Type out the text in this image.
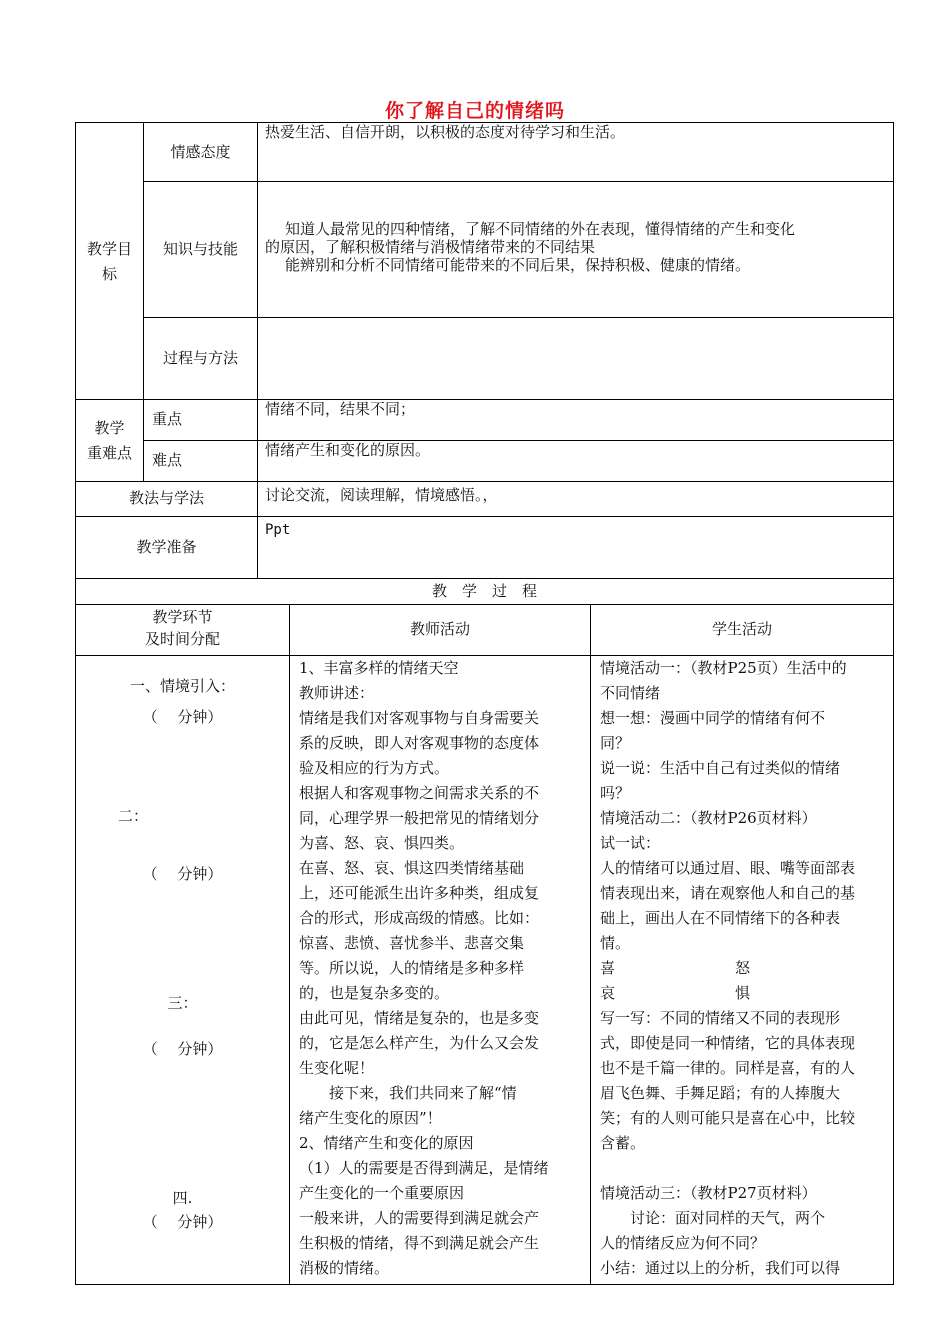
你了解自己的情绪吗
教学目
标
情感态度
热爱生活、自信开朗，以积极的态度对待学习和生活。
知识与技能
知道人最常见的四种情绪，了解不同情绪的外在表现，懂得情绪的产生和变化
的原因，了解积极情绪与消极情绪带来的不同结果
能辨别和分析不同情绪可能带来的不同后果，保持积极、健康的情绪。
过程与方法
教学
重难点
重点
情绪不同，结果不同；
难点
情绪产生和变化的原因。
教法与学法	讨论交流，阅读理解，情境感悟。，
教学准备
Ppt
教　学　过　程
教学环节
及时间分配
教师活动	学生活动
一、情境引入：
（　 分钟）
二：
（　 分钟）
三：
（　 分钟）
四.
（　 分钟）
1、丰富多样的情绪天空
教师讲述：
情绪是我们对客观事物与自身需要关
系的反映，即人对客观事物的态度体
验及相应的行为方式。
根据人和客观事物之间需求关系的不
同，心理学界一般把常见的情绪划分
为喜、怒、哀、惧四类。
在喜、怒、哀、惧这四类情绪基础
上，还可能派生出许多种类，组成复
合的形式，形成高级的情感。比如：
惊喜、悲愤、喜忧参半、悲喜交集
等。所以说，人的情绪是多种多样
的，也是复杂多变的。
由此可见，情绪是复杂的，也是多变
的，它是怎么样产生，为什么又会发
生变化呢！
　　接下来，我们共同来了解“情
绪产生变化的原因”！
2、情绪产生和变化的原因
（1）人的需要是否得到满足，是情绪
产生变化的一个重要原因
一般来讲，人的需要得到满足就会产
生积极的情绪，得不到满足就会产生
消极的情绪。
情境活动一：（教材P25页）生活中的
不同情绪
想一想：漫画中同学的情绪有何不
同？
说一说：生活中自己有过类似的情绪
吗？
情境活动二：（教材P26页材料）
试一试：
人的情绪可以通过眉、眼、嘴等面部表
情表现出来，请在观察他人和自己的基
础上，画出人在不同情绪下的各种表
情。
喜　　　　　　　　怒
哀　　　　　　　　惧
写一写：不同的情绪又不同的表现形
式，即使是同一种情绪，它的具体表现
也不是千篇一律的。同样是喜，有的人
眉飞色舞、手舞足蹈；有的人捧腹大
笑；有的人则可能只是喜在心中，比较
含蓄。
情境活动三：（教材P27页材料）
　　讨论：面对同样的天气，两个
人的情绪反应为何不同？
小结：通过以上的分析，我们可以得
